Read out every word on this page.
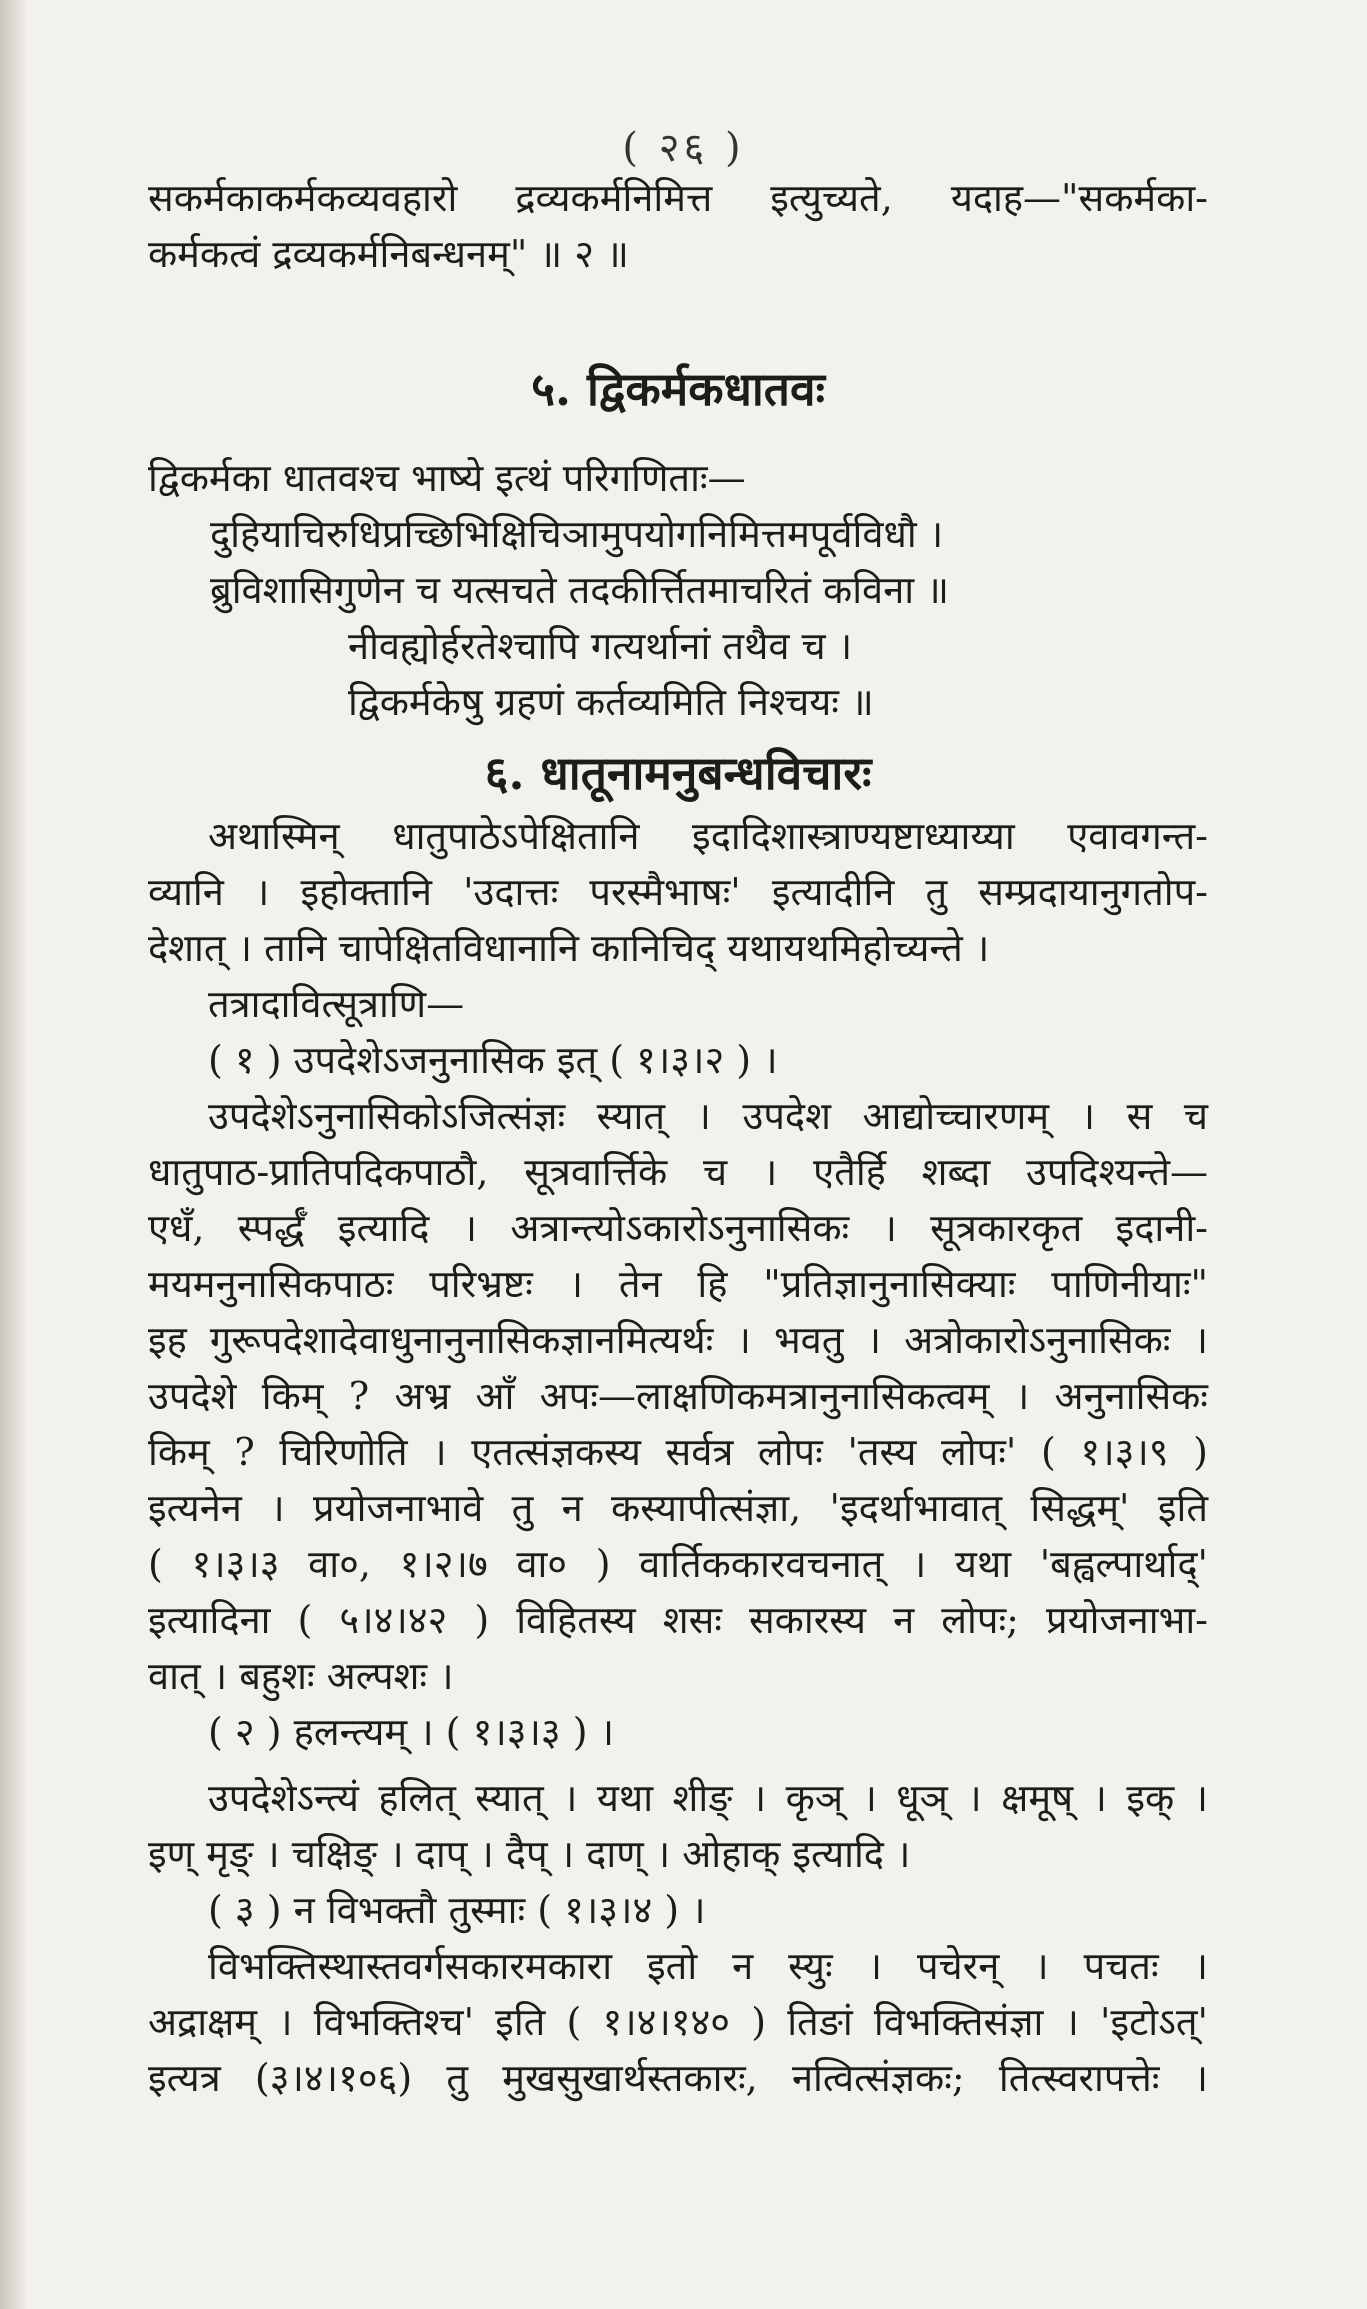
( २६ )
सकर्मकाकर्मकव्यवहारो द्रव्यकर्मनिमित्त इत्युच्यते, यदाह—"सकर्मका-
कर्मकत्वं द्रव्यकर्मनिबन्धनम्" ॥ २ ॥
५. द्विकर्मकधातवः
द्विकर्मका धातवश्च भाष्ये इत्थं परिगणिताः—
दुहियाचिरुधिप्रच्छिभिक्षिचिञामुपयोगनिमित्तमपूर्वविधौ ।
ब्रुविशासिगुणेन च यत्सचते तदकीर्त्तितमाचरितं कविना ॥
नीवह्योर्हरतेश्चापि गत्यर्थानां तथैव च ।
द्विकर्मकेषु ग्रहणं कर्तव्यमिति निश्चयः ॥
६. धातूनामनुबन्धविचारः
अथास्मिन् धातुपाठेऽपेक्षितानि इदादिशास्त्राण्यष्टाध्याय्या एवावगन्त-
व्यानि । इहोक्तानि 'उदात्तः परस्मैभाषः' इत्यादीनि तु सम्प्रदायानुगतोप-
देशात् । तानि चापेक्षितविधानानि कानिचिद् यथायथमिहोच्यन्ते ।
तत्रादावित्सूत्राणि—
( १ ) उपदेशेऽजनुनासिक इत् ( १।३।२ ) ।
उपदेशेऽनुनासिकोऽजित्संज्ञः स्यात् । उपदेश आद्योच्चारणम् । स च
धातुपाठ-प्रातिपदिकपाठौ, सूत्रवार्त्तिके च । एतैर्हि शब्दा उपदिश्यन्ते—
एधँ, स्पर्द्धँ इत्यादि । अत्रान्त्योऽकारोऽनुनासिकः । सूत्रकारकृत इदानी-
मयमनुनासिकपाठः परिभ्रष्टः । तेन हि "प्रतिज्ञानुनासिक्याः पाणिनीयाः"
इह गुरूपदेशादेवाधुनानुनासिकज्ञानमित्यर्थः । भवतु । अत्रोकारोऽनुनासिकः ।
उपदेशे किम् ? अभ्र आँ अपः—लाक्षणिकमत्रानुनासिकत्वम् । अनुनासिकः
किम् ? चिरिणोति । एतत्संज्ञकस्य सर्वत्र लोपः 'तस्य लोपः' ( १।३।९ )
इत्यनेन । प्रयोजनाभावे तु न कस्यापीत्संज्ञा, 'इदर्थाभावात् सिद्धम्' इति
( १।३।३ वा०, १।२।७ वा० ) वार्तिककारवचनात् । यथा 'बह्वल्पार्थाद्'
इत्यादिना ( ५।४।४२ ) विहितस्य शसः सकारस्य न लोपः; प्रयोजनाभा-
वात् । बहुशः अल्पशः ।
( २ ) हलन्त्यम् । ( १।३।३ ) ।
उपदेशेऽन्त्यं हलित् स्यात् । यथा शीङ् । कृञ् । धूञ् । क्षमूष् । इक् ।
इण् मृङ् । चक्षिङ् । दाप् । दैप् । दाण् । ओहाक् इत्यादि ।
( ३ ) न विभक्तौ तुस्माः ( १।३।४ ) ।
विभक्तिस्थास्तवर्गसकारमकारा इतो न स्युः । पचेरन् । पचतः ।
अद्राक्षम् । विभक्तिश्च' इति ( १।४।१४० ) तिङां विभक्तिसंज्ञा । 'इटोऽत्'
इत्यत्र (३।४।१०६) तु मुखसुखार्थस्तकारः, नत्वित्संज्ञकः; तित्स्वरापत्तेः ।
